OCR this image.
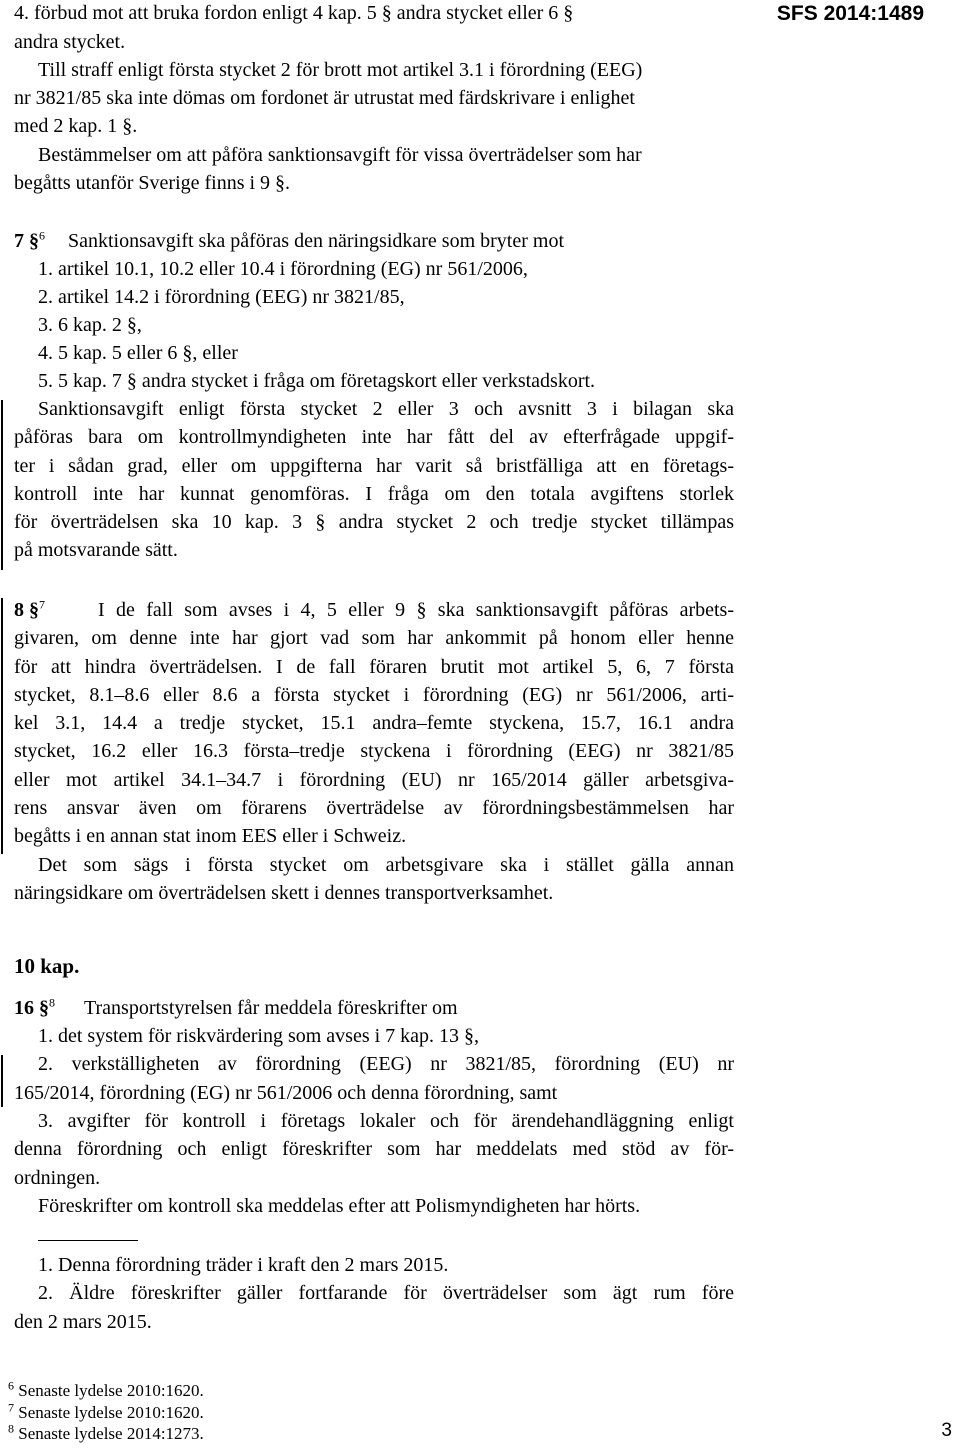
SFS 2014:1489
4. förbud mot att bruka fordon enligt 4 kap. 5 § andra stycket eller 6 §
andra stycket.
Till straff enligt första stycket 2 för brott mot artikel 3.1 i förordning (EEG)
nr 3821/85 ska inte dömas om fordonet är utrustat med färdskrivare i enlighet
med 2 kap. 1 §.
Bestämmelser om att påföra sanktionsavgift för vissa överträdelser som har
begåtts utanför Sverige finns i 9 §.
7 §$^6$ Sanktionsavgift ska påföras den näringsidkare som bryter mot
1. artikel 10.1, 10.2 eller 10.4 i förordning (EG) nr 561/2006,
2. artikel 14.2 i förordning (EEG) nr 3821/85,
3. 6 kap. 2 §,
4. 5 kap. 5 eller 6 §, eller
5. 5 kap. 7 § andra stycket i fråga om företagskort eller verkstadskort.
Sanktionsavgift enligt första stycket 2 eller 3 och avsnitt 3 i bilagan ska
påföras bara om kontrollmyndigheten inte har fått del av efterfrågade uppgif-
ter i sådan grad, eller om uppgifterna har varit så bristfälliga att en företags-
kontroll inte har kunnat genomföras. I fråga om den totala avgiftens storlek
för överträdelsen ska 10 kap. 3 § andra stycket 2 och tredje stycket tillämpas
på motsvarande sätt.
8 §$^7$	I de fall som avses i 4, 5 eller 9 § ska sanktionsavgift påföras arbets-
givaren, om denne inte har gjort vad som har ankommit på honom eller henne
för att hindra överträdelsen. I de fall föraren brutit mot artikel 5, 6, 7 första
stycket, 8.1–8.6 eller 8.6 a första stycket i förordning (EG) nr 561/2006, arti-
kel 3.1, 14.4 a tredje stycket, 15.1 andra–femte styckena, 15.7, 16.1 andra
stycket, 16.2 eller 16.3 första–tredje styckena i förordning (EEG) nr 3821/85
eller mot artikel 34.1–34.7 i förordning (EU) nr 165/2014 gäller arbetsgiva-
rens ansvar även om förarens överträdelse av förordningsbestämmelsen har
begåtts i en annan stat inom EES eller i Schweiz.
Det som sägs i första stycket om arbetsgivare ska i stället gälla annan
näringsidkare om överträdelsen skett i dennes transportverksamhet.
10 kap.
16 §$^8$ Transportstyrelsen får meddela föreskrifter om
1. det system för riskvärdering som avses i 7 kap. 13 §,
2. verkställigheten av förordning (EEG) nr 3821/85, förordning (EU) nr
165/2014, förordning (EG) nr 561/2006 och denna förordning, samt
3. avgifter för kontroll i företags lokaler och för ärendehandläggning enligt
denna förordning och enligt föreskrifter som har meddelats med stöd av för-
ordningen.
Föreskrifter om kontroll ska meddelas efter att Polismyndigheten har hörts.
1. Denna förordning träder i kraft den 2 mars 2015.
2. Äldre föreskrifter gäller fortfarande för överträdelser som ägt rum före
den 2 mars 2015.
$^6$ Senaste lydelse 2010:1620.
$^7$ Senaste lydelse 2010:1620.
$^8$ Senaste lydelse 2014:1273.	3
